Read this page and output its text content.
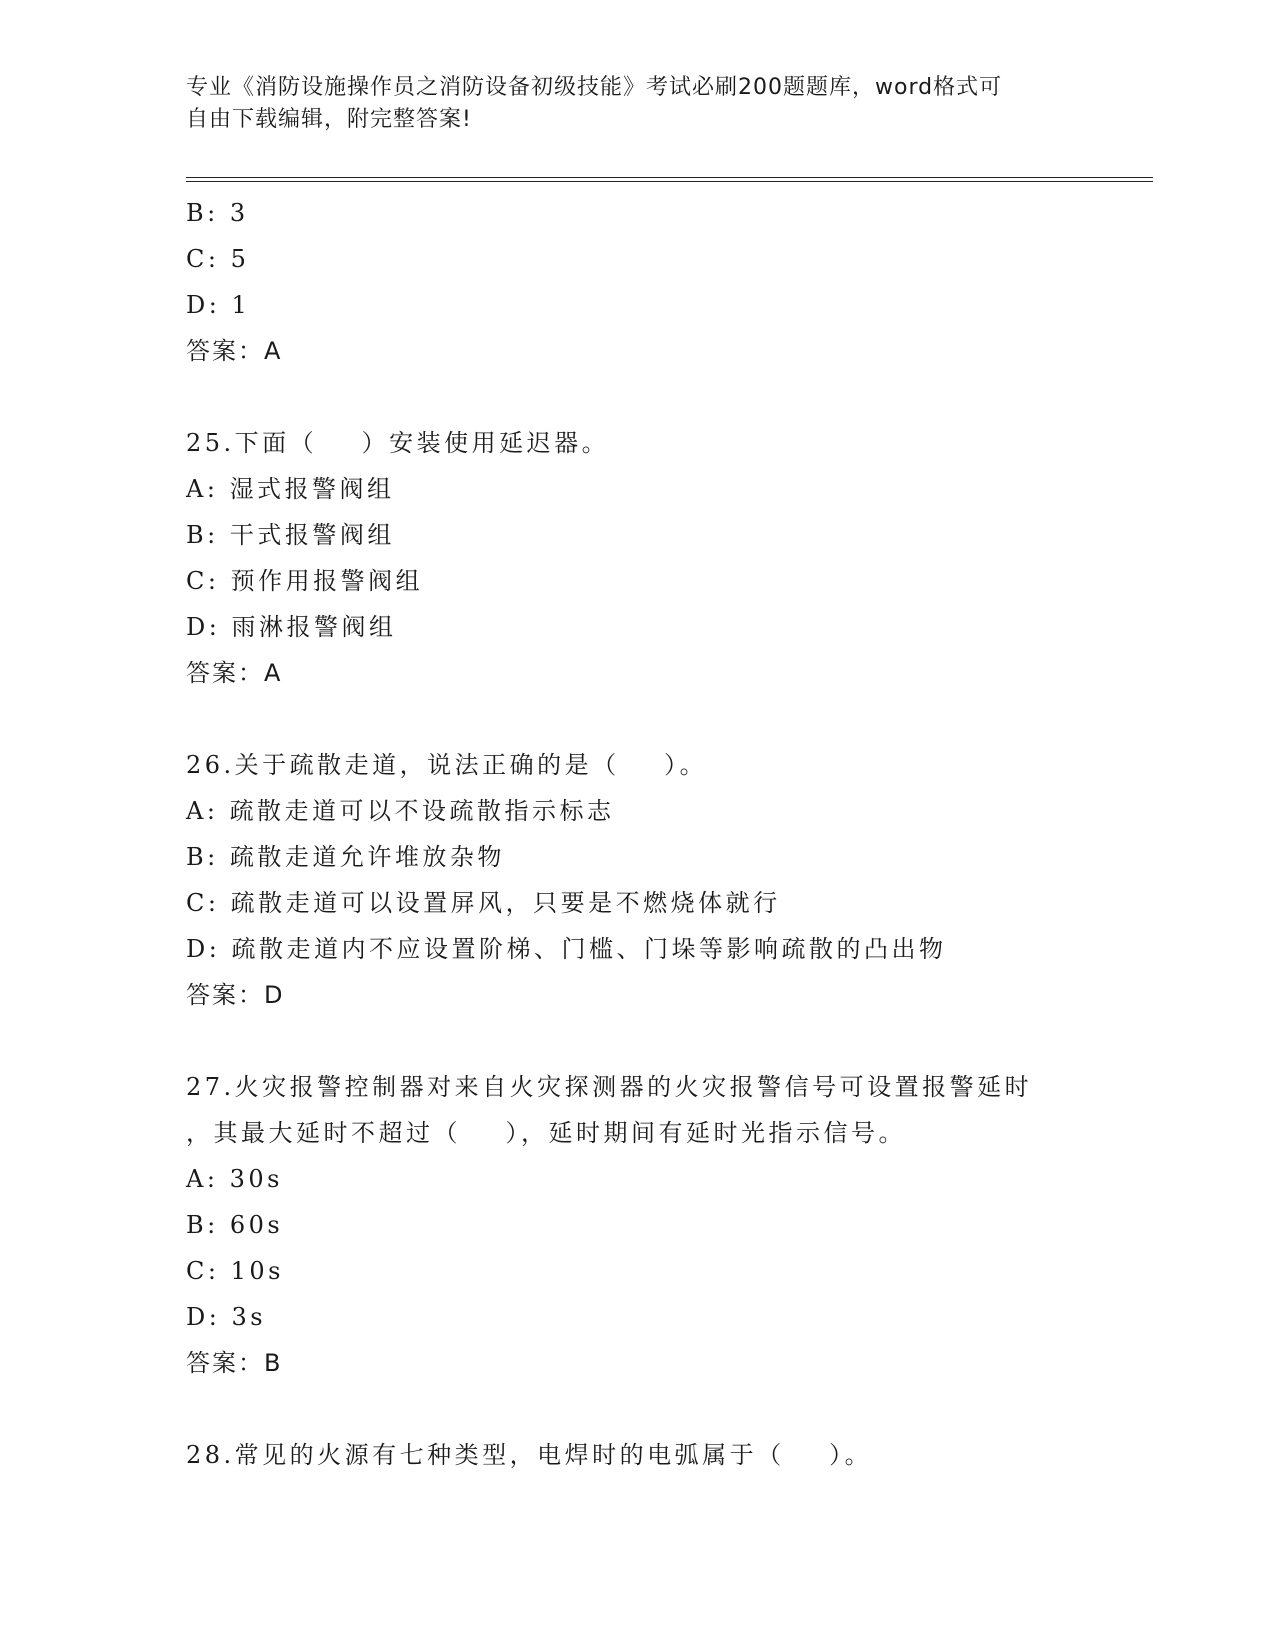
专业《消防设施操作员之消防设备初级技能》考试必刷200题题库，word格式可
自由下载编辑，附完整答案!
B: 3
C: 5
D: 1
答案：A
25.下面（    ）安装使用延迟器。
A: 湿式报警阀组
B: 干式报警阀组
C: 预作用报警阀组
D: 雨淋报警阀组
答案：A
26.关于疏散走道，说法正确的是（    ）。
A: 疏散走道可以不设疏散指示标志
B: 疏散走道允许堆放杂物
C: 疏散走道可以设置屏风，只要是不燃烧体就行
D: 疏散走道内不应设置阶梯、门槛、门垛等影响疏散的凸出物
答案：D
27.火灾报警控制器对来自火灾探测器的火灾报警信号可设置报警延时
，其最大延时不超过（    ），延时期间有延时光指示信号。
A: 30s
B: 60s
C: 10s
D: 3s
答案：B
28.常见的火源有七种类型，电焊时的电弧属于（    ）。
